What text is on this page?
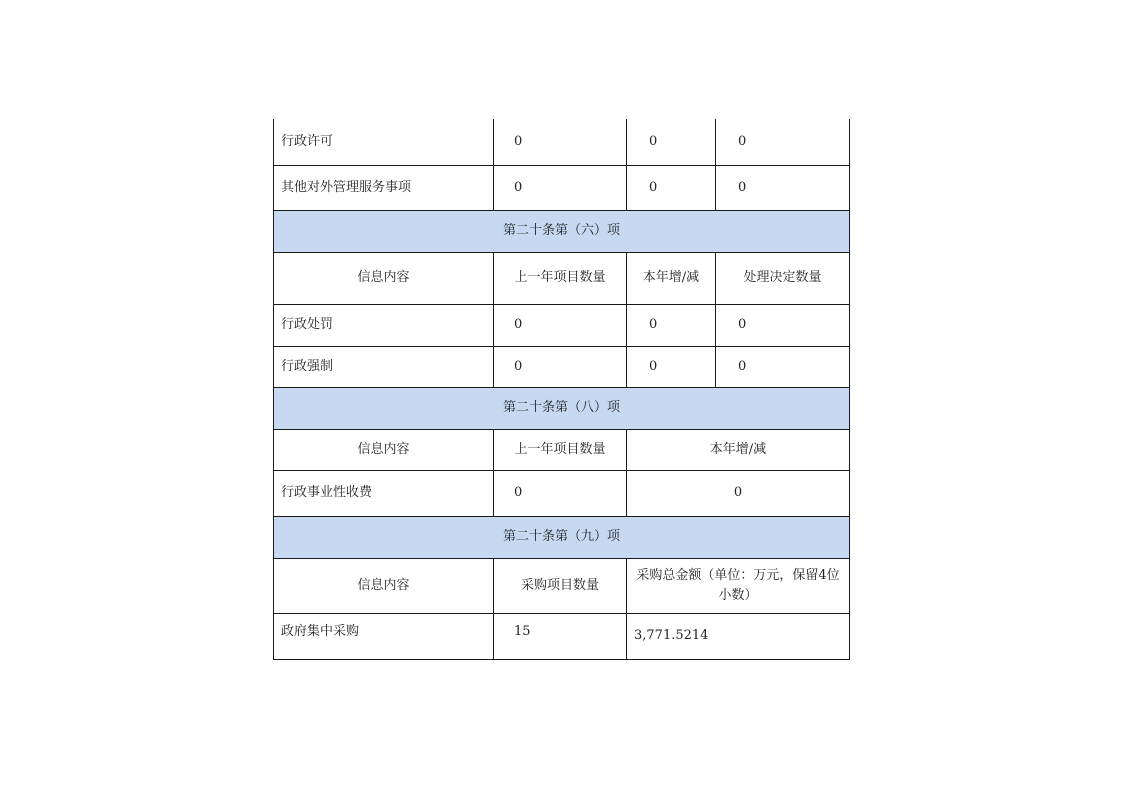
行政许可	0	0	0
其他对外管理服务事项	0	0	0
第二十条第（六）项			
信息内容	上一年项目数量	本年增/减	处理决定数量
行政处罚	0	0	0
行政强制	0	0	0
第二十条第（八）项			
信息内容	上一年项目数量	本年增/减	
行政事业性收费	0	0	
第二十条第（九）项			
信息内容	采购项目数量	采购总金额（单位：万元，保留4位小数）	
政府集中采购	15	3,771.5214	
